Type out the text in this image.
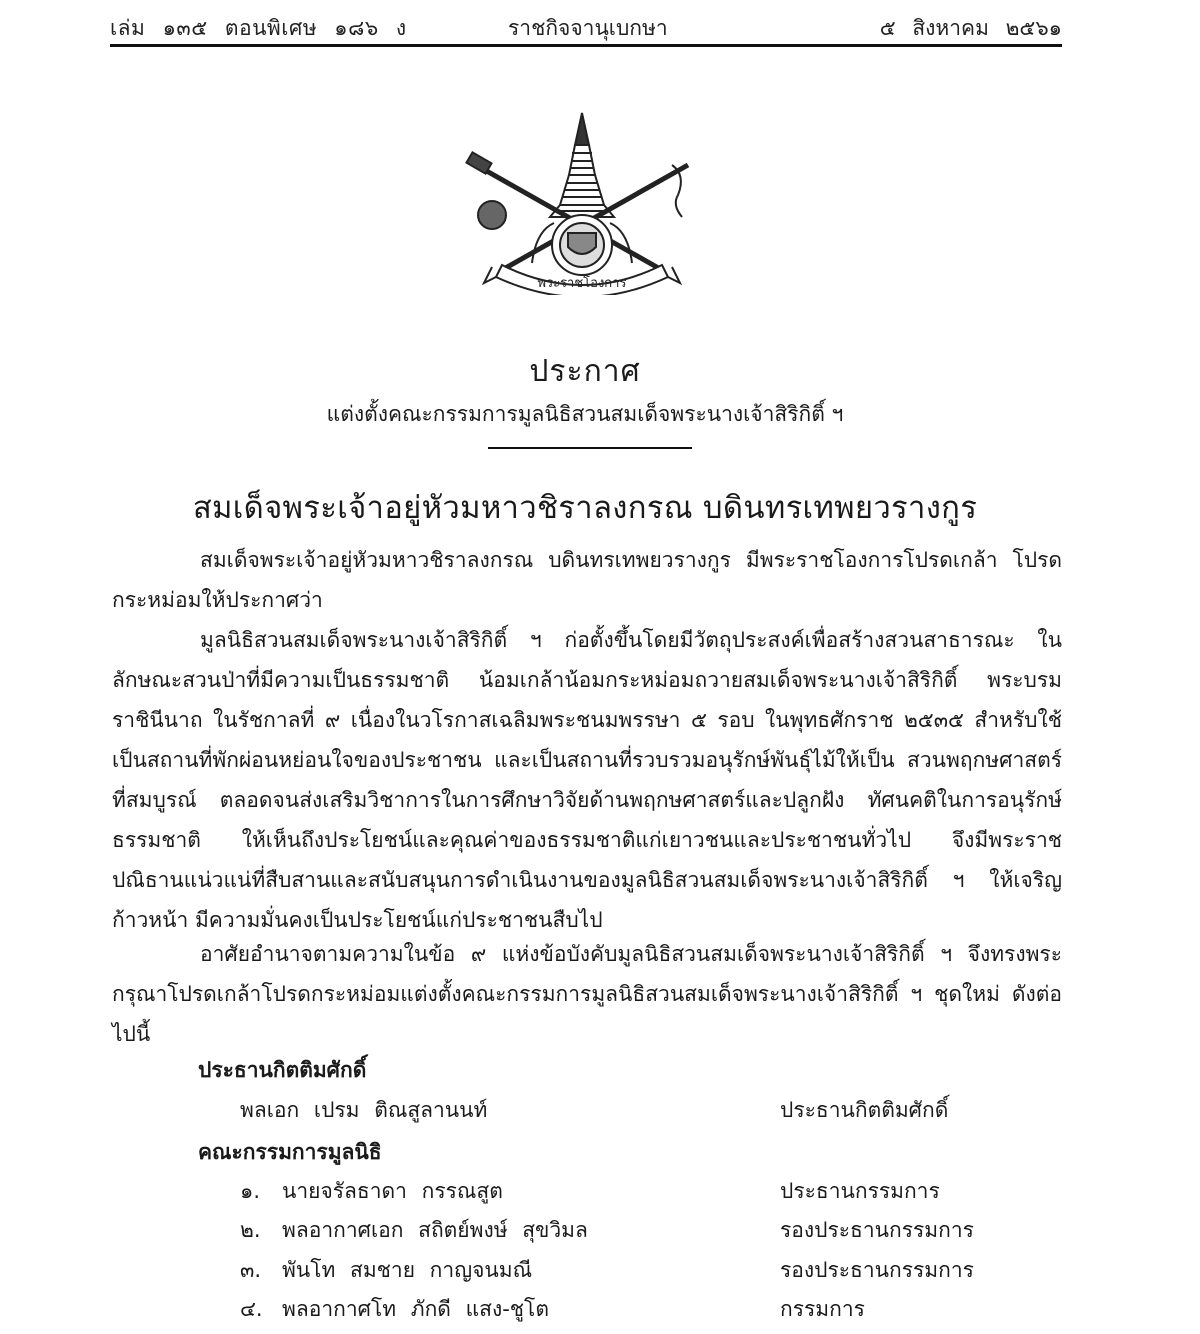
เล่ม ๑๓๕ ตอนพิเศษ ๑๘๖ ง	ราชกิจจานุเบกษา	๕ สิงหาคม ๒๕๖๑
พระราชโองการ
ประกาศ
แต่งตั้งคณะกรรมการมูลนิธิสวนสมเด็จพระนางเจ้าสิริกิติ์ ฯ
สมเด็จพระเจ้าอยู่หัวมหาวชิราลงกรณ บดินทรเทพยวรางกูร

สมเด็จพระเจ้าอยู่หัวมหาวชิราลงกรณ บดินทรเทพยวรางกูร มีพระราชโองการโปรดเกล้า โปรดกระหม่อมให้ประกาศว่า

มูลนิธิสวนสมเด็จพระนางเจ้าสิริกิติ์ ฯ ก่อตั้งขึ้นโดยมีวัตถุประสงค์เพื่อสร้างสวนสาธารณะ ในลักษณะสวนป่าที่มีความเป็นธรรมชาติ น้อมเกล้าน้อมกระหม่อมถวายสมเด็จพระนางเจ้าสิริกิติ์ พระบรมราชินีนาถ ในรัชกาลที่ ๙ เนื่องในวโรกาสเฉลิมพระชนมพรรษา ๕ รอบ ในพุทธศักราช ๒๕๓๕ สำหรับใช้เป็นสถานที่พักผ่อนหย่อนใจของประชาชน และเป็นสถานที่รวบรวมอนุรักษ์พันธุ์ไม้ให้เป็น สวนพฤกษศาสตร์ที่สมบูรณ์ ตลอดจนส่งเสริมวิชาการในการศึกษาวิจัยด้านพฤกษศาสตร์และปลูกฝัง ทัศนคติในการอนุรักษ์ธรรมชาติ ให้เห็นถึงประโยชน์และคุณค่าของธรรมชาติแก่เยาวชนและประชาชนทั่วไป จึงมีพระราชปณิธานแน่วแน่ที่สืบสานและสนับสนุนการดำเนินงานของมูลนิธิสวนสมเด็จพระนางเจ้าสิริกิติ์ ฯ ให้เจริญก้าวหน้า มีความมั่นคงเป็นประโยชน์แก่ประชาชนสืบไป

อาศัยอำนาจตามความในข้อ ๙ แห่งข้อบังคับมูลนิธิสวนสมเด็จพระนางเจ้าสิริกิติ์ ฯ จึงทรงพระกรุณาโปรดเกล้าโปรดกระหม่อมแต่งตั้งคณะกรรมการมูลนิธิสวนสมเด็จพระนางเจ้าสิริกิติ์ ฯ ชุดใหม่ ดังต่อไปนี้

ประธานกิตติมศักดิ์
พลเอก เปรม ติณสูลานนท์	ประธานกิตติมศักดิ์
คณะกรรมการมูลนิธิ
๑.	นายจรัลธาดา กรรณสูต	ประธานกรรมการ
๒.	พลอากาศเอก สถิตย์พงษ์ สุขวิมล	รองประธานกรรมการ
๓. พันโท สมชาย กาญจนมณี	รองประธานกรรมการ
๔. พลอากาศโท ภักดี แสง-ชูโต	กรรมการ
